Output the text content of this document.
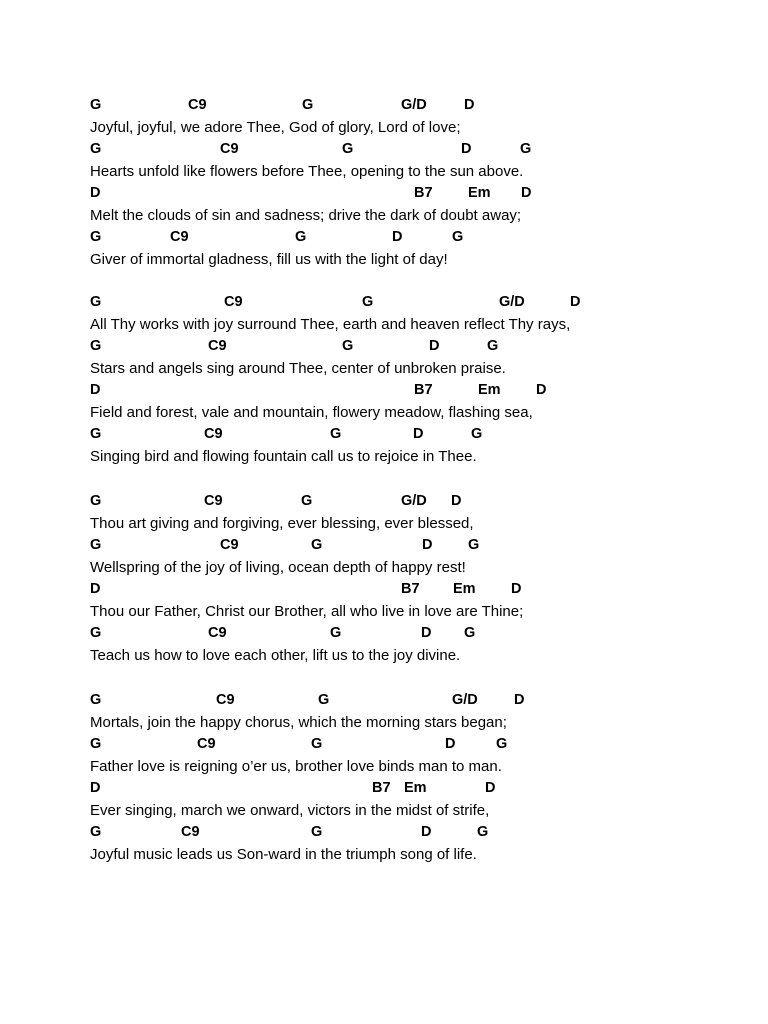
G	C9	G	G/D	D
Joyful, joyful, we adore Thee, God of glory, Lord of love;
G	C9	G	D	G
Hearts unfold like flowers before Thee, opening to the sun above.
D	B7 Em D
Melt the clouds of sin and sadness; drive the dark of doubt away;
G	C9	G	D	G
Giver of immortal gladness, fill us with the light of day!
G	C9	G	G/D	D
All Thy works with joy surround Thee, earth and heaven reflect Thy rays,
G	C9	G	D	G
Stars and angels sing around Thee, center of unbroken praise.
D	B7	Em D
Field and forest, vale and mountain, flowery meadow, flashing sea,
G	C9	G	D	G
Singing bird and flowing fountain call us to rejoice in Thee.
G	C9	G	G/D D
Thou art giving and forgiving, ever blessing, ever blessed,
G	C9	G	D G
Wellspring of the joy of living, ocean depth of happy rest!
D	B7 Em D
Thou our Father, Christ our Brother, all who live in love are Thine;
G	C9	G	D G
Teach us how to love each other, lift us to the joy divine.
G	C9	G	G/D D
Mortals, join the happy chorus, which the morning stars began;
G	C9	G	D	G
Father love is reigning o’er us, brother love binds man to man.
D	B7 Em	D
Ever singing, march we onward, victors in the midst of strife,
G	C9	G	D	G
Joyful music leads us Son-ward in the triumph song of life.
